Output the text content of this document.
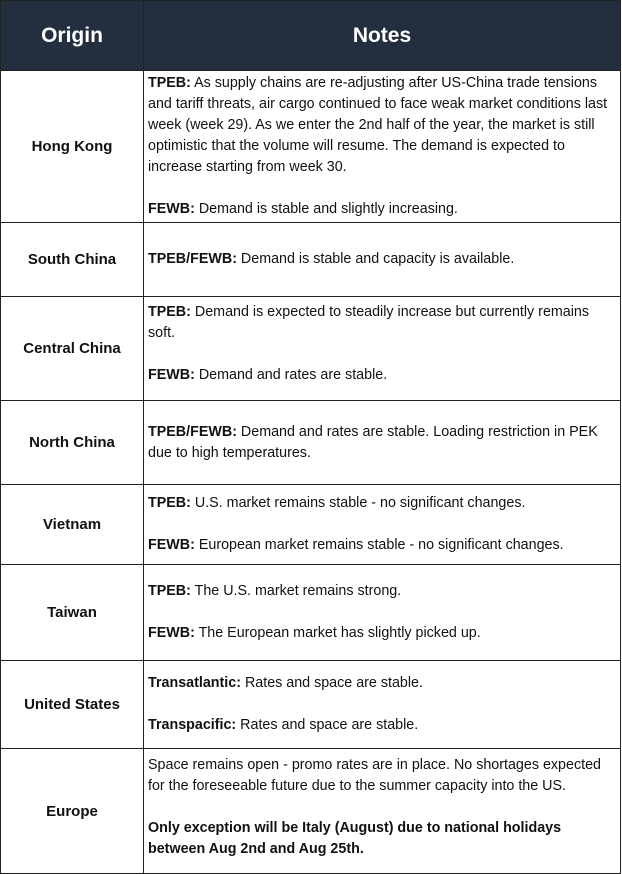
Origin	Notes
Hong Kong	TPEB: As supply chains are re-adjusting after US-China trade tensions and tariff threats, air cargo continued to face weak market conditions last week (week 29). As we enter the 2nd half of the year, the market is still optimistic that the volume will resume. The demand is expected to increase starting from week 30.

FEWB: Demand is stable and slightly increasing.

South China	TPEB/FEWB: Demand is stable and capacity is available.

Central China	TPEB: Demand is expected to steadily increase but currently remains soft.

FEWB: Demand and rates are stable.

North China	TPEB/FEWB: Demand and rates are stable. Loading restriction in PEK due to high temperatures.

Vietnam	TPEB: U.S. market remains stable - no significant changes.

FEWB: European market remains stable - no significant changes.

Taiwan	TPEB: The U.S. market remains strong.

FEWB: The European market has slightly picked up.

United States	Transatlantic: Rates and space are stable.

Transpacific: Rates and space are stable.

Europe	Space remains open - promo rates are in place. No shortages expected for the foreseeable future due to the summer capacity into the US.

Only exception will be Italy (August) due to national holidays between Aug 2nd and Aug 25th.
